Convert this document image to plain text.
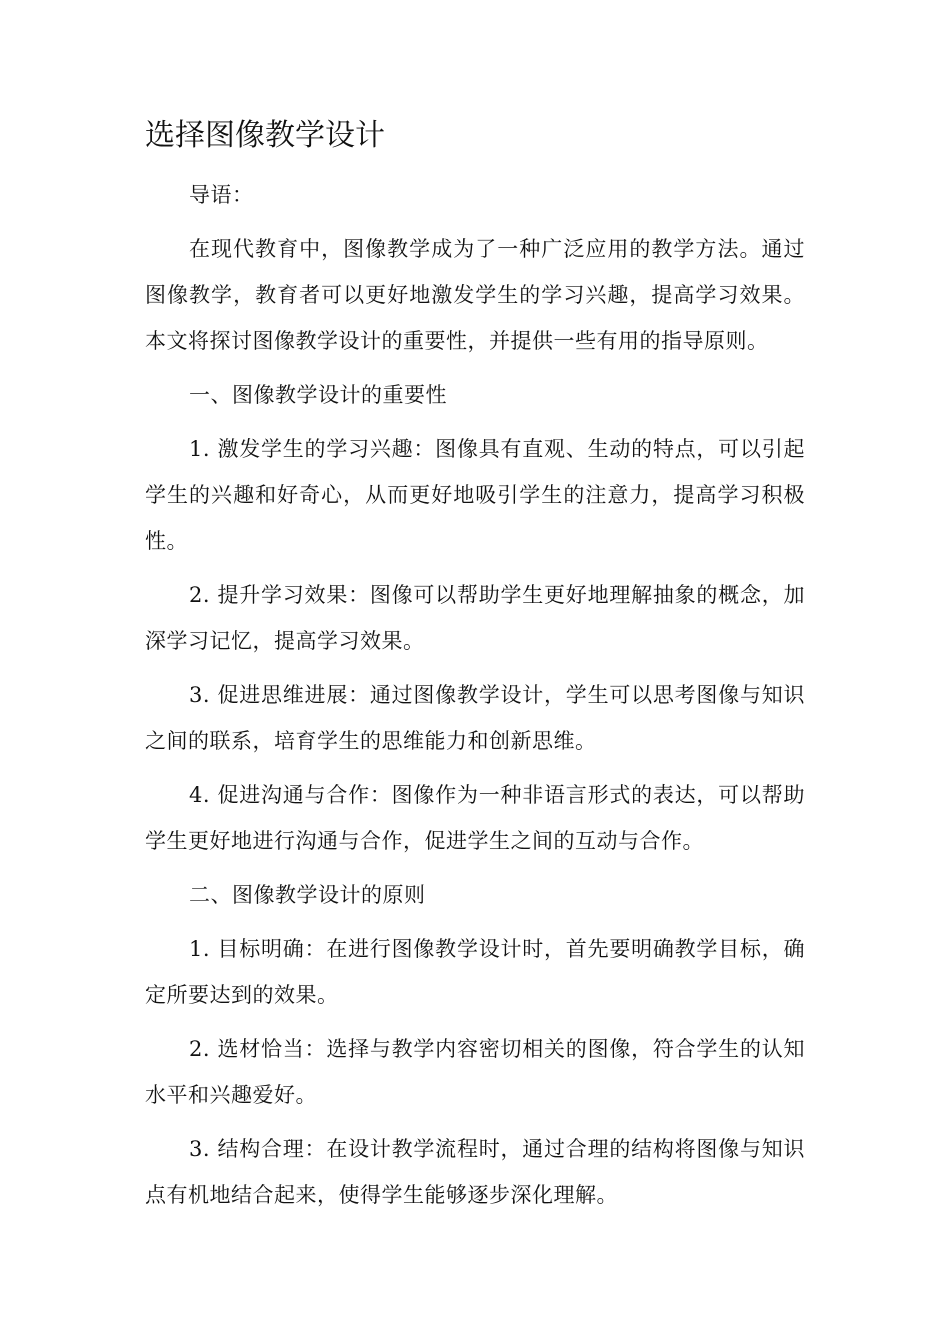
选择图像教学设计

导语：

在现代教育中，图像教学成为了一种广泛应用的教学方法。通过图像教学，教育者可以更好地激发学生的学习兴趣，提高学习效果。本文将探讨图像教学设计的重要性，并提供一些有用的指导原则。

一、图像教学设计的重要性

1. 激发学生的学习兴趣：图像具有直观、生动的特点，可以引起学生的兴趣和好奇心，从而更好地吸引学生的注意力，提高学习积极性。

2. 提升学习效果：图像可以帮助学生更好地理解抽象的概念，加深学习记忆，提高学习效果。

3. 促进思维进展：通过图像教学设计，学生可以思考图像与知识之间的联系，培育学生的思维能力和创新思维。

4. 促进沟通与合作：图像作为一种非语言形式的表达，可以帮助学生更好地进行沟通与合作，促进学生之间的互动与合作。

二、图像教学设计的原则

1. 目标明确：在进行图像教学设计时，首先要明确教学目标，确定所要达到的效果。

2. 选材恰当：选择与教学内容密切相关的图像，符合学生的认知水平和兴趣爱好。

3. 结构合理：在设计教学流程时，通过合理的结构将图像与知识点有机地结合起来，使得学生能够逐步深化理解。
